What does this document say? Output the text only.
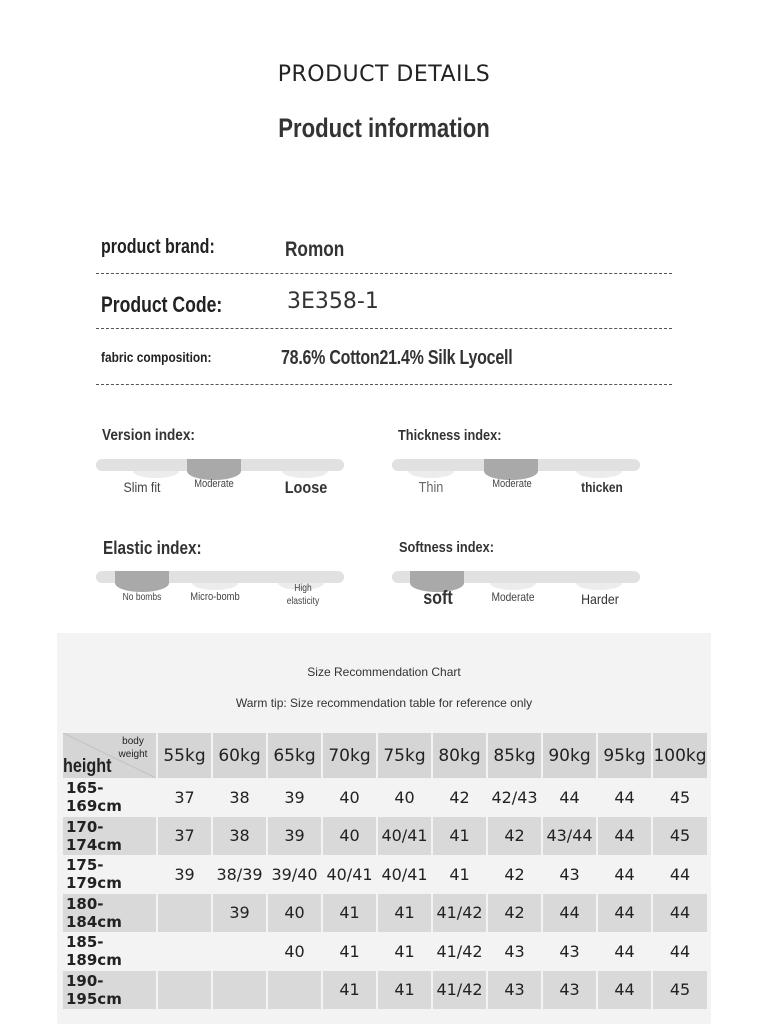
PRODUCT DETAILS
Product information
product brand:	Romon
Product Code:	3E358-1
fabric composition:	78.6% Cotton21.4% Silk Lyocell
Version index:
Slim fit	Moderate	Loose
Thickness index:
Thin	Moderate	thicken
Elastic index:
No bombs	Micro-bomb
High elasticity
Softness index:
soft	Moderate	Harder
Size Recommendation Chart
Warm tip: Size recommendation table for reference only
body weight
height	55kg	60kg	65kg	70kg	75kg	80kg	85kg	90kg	95kg	100kg
165-169cm	37	38	39	40	40	42	42/43	44	44	45
170-174cm	37	38	39	40	40/41	41	42	43/44	44	45
175-179cm	39	38/39	39/40	40/41	40/41	41	42	43	44	44
180-184cm		39	40	41	41	41/42	42	44	44	44
185-189cm			40	41	41	41/42	43	43	44	44
190-195cm				41	41	41/42	43	43	44	45
